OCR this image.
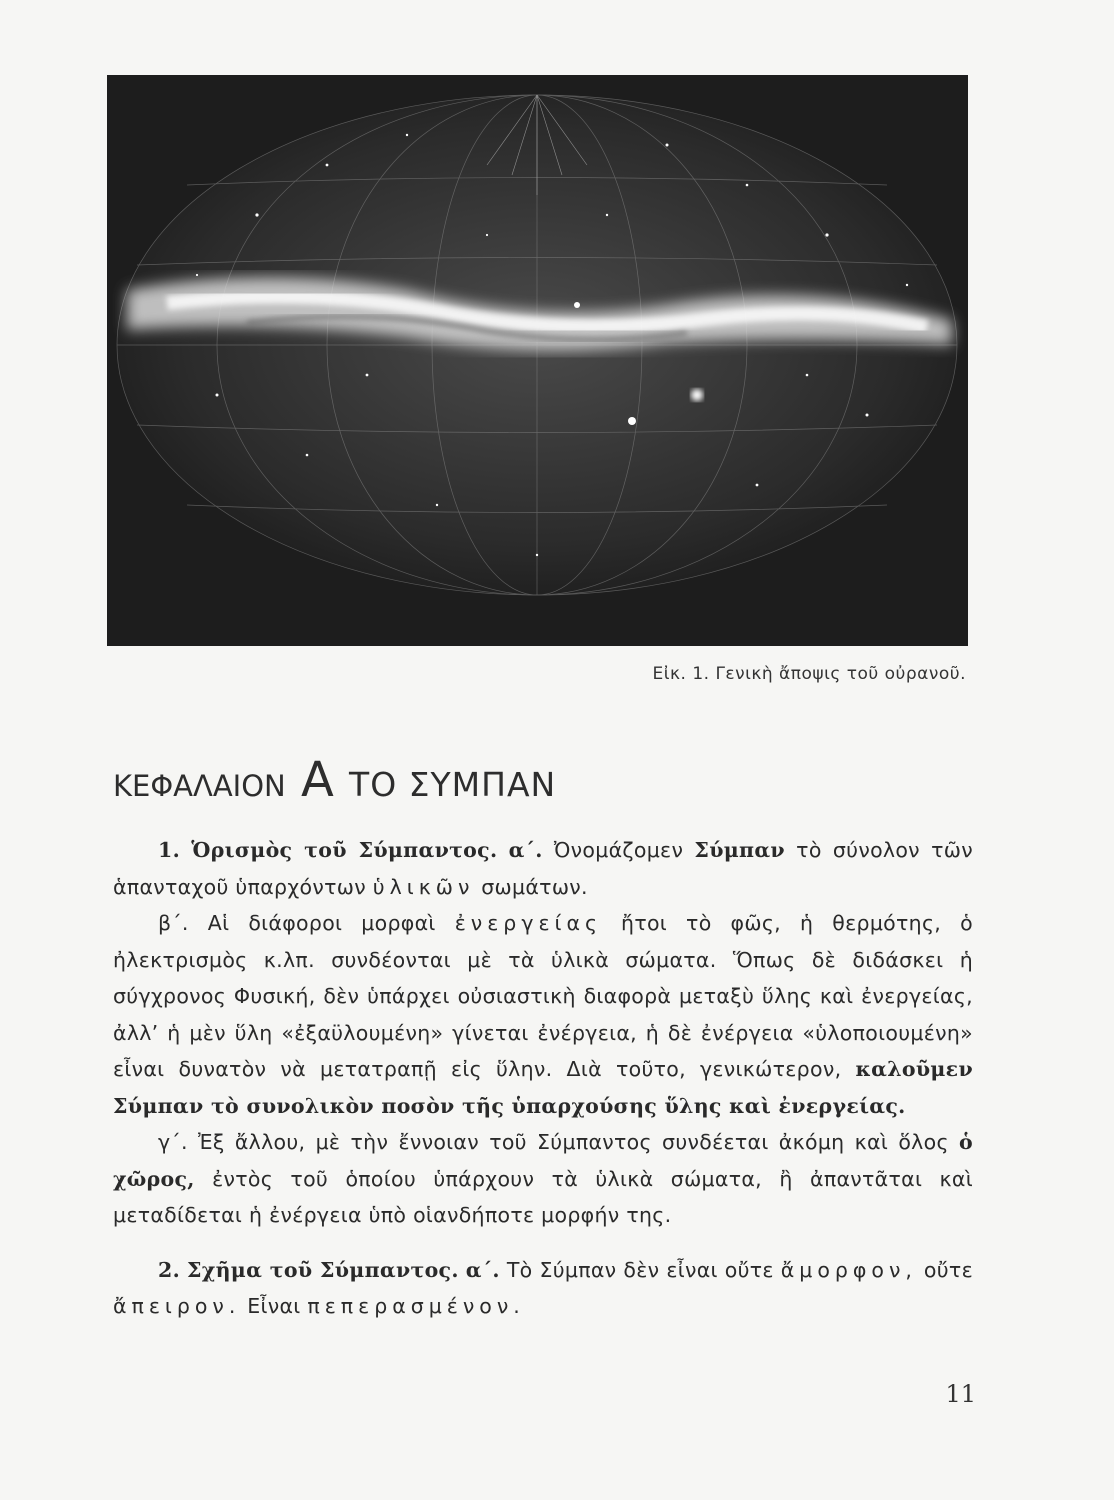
Εἰκ. 1. Γενικὴ ἄποψις τοῦ οὐρανοῦ.
ΚΕΦΑΛΑΙΟΝ Α ΤΟ ΣΥΜΠΑΝ

1. Ὁρισμὸς τοῦ Σύμπαντος. α΄. Ὀνομάζομεν Σύμπαν τὸ σύνολον τῶν ἁπανταχοῦ ὑπαρχόντων ὑλικῶν σωμάτων.

β΄. Αἱ διάφοροι μορφαὶ ἐνεργείας ἤτοι τὸ φῶς, ἡ θερμότης, ὁ ἠλεκτρισμὸς κ.λπ. συνδέονται μὲ τὰ ὑλικὰ σώματα. Ὅπως δὲ διδάσκει ἡ σύγχρονος Φυσική, δὲν ὑπάρχει οὐσιαστικὴ διαφορὰ μεταξὺ ὕλης καὶ ἐνεργείας, ἀλλ’ ἡ μὲν ὕλη «ἐξαϋλουμένη» γίνεται ἐνέργεια, ἡ δὲ ἐνέργεια «ὑλοποιουμένη» εἶναι δυνατὸν νὰ μετατραπῇ εἰς ὕλην. Διὰ τοῦτο, γενικώτερον, καλοῦμεν Σύμπαν τὸ συνολικὸν ποσὸν τῆς ὑπαρχούσης ὕλης καὶ ἐνεργείας.

γ΄. Ἐξ ἄλλου, μὲ τὴν ἔννοιαν τοῦ Σύμπαντος συνδέεται ἀκόμη καὶ ὅλος ὁ χῶρος, ἐντὸς τοῦ ὁποίου ὑπάρχουν τὰ ὑλικὰ σώματα, ἢ ἀπαντᾶται καὶ μεταδίδεται ἡ ἐνέργεια ὑπὸ οἱανδήποτε μορφήν της.

2. Σχῆμα τοῦ Σύμπαντος. α΄. Τὸ Σύμπαν δὲν εἶναι οὔτε ἄμορφον, οὔτε ἄπειρον. Εἶναι πεπερασμένον.

11
